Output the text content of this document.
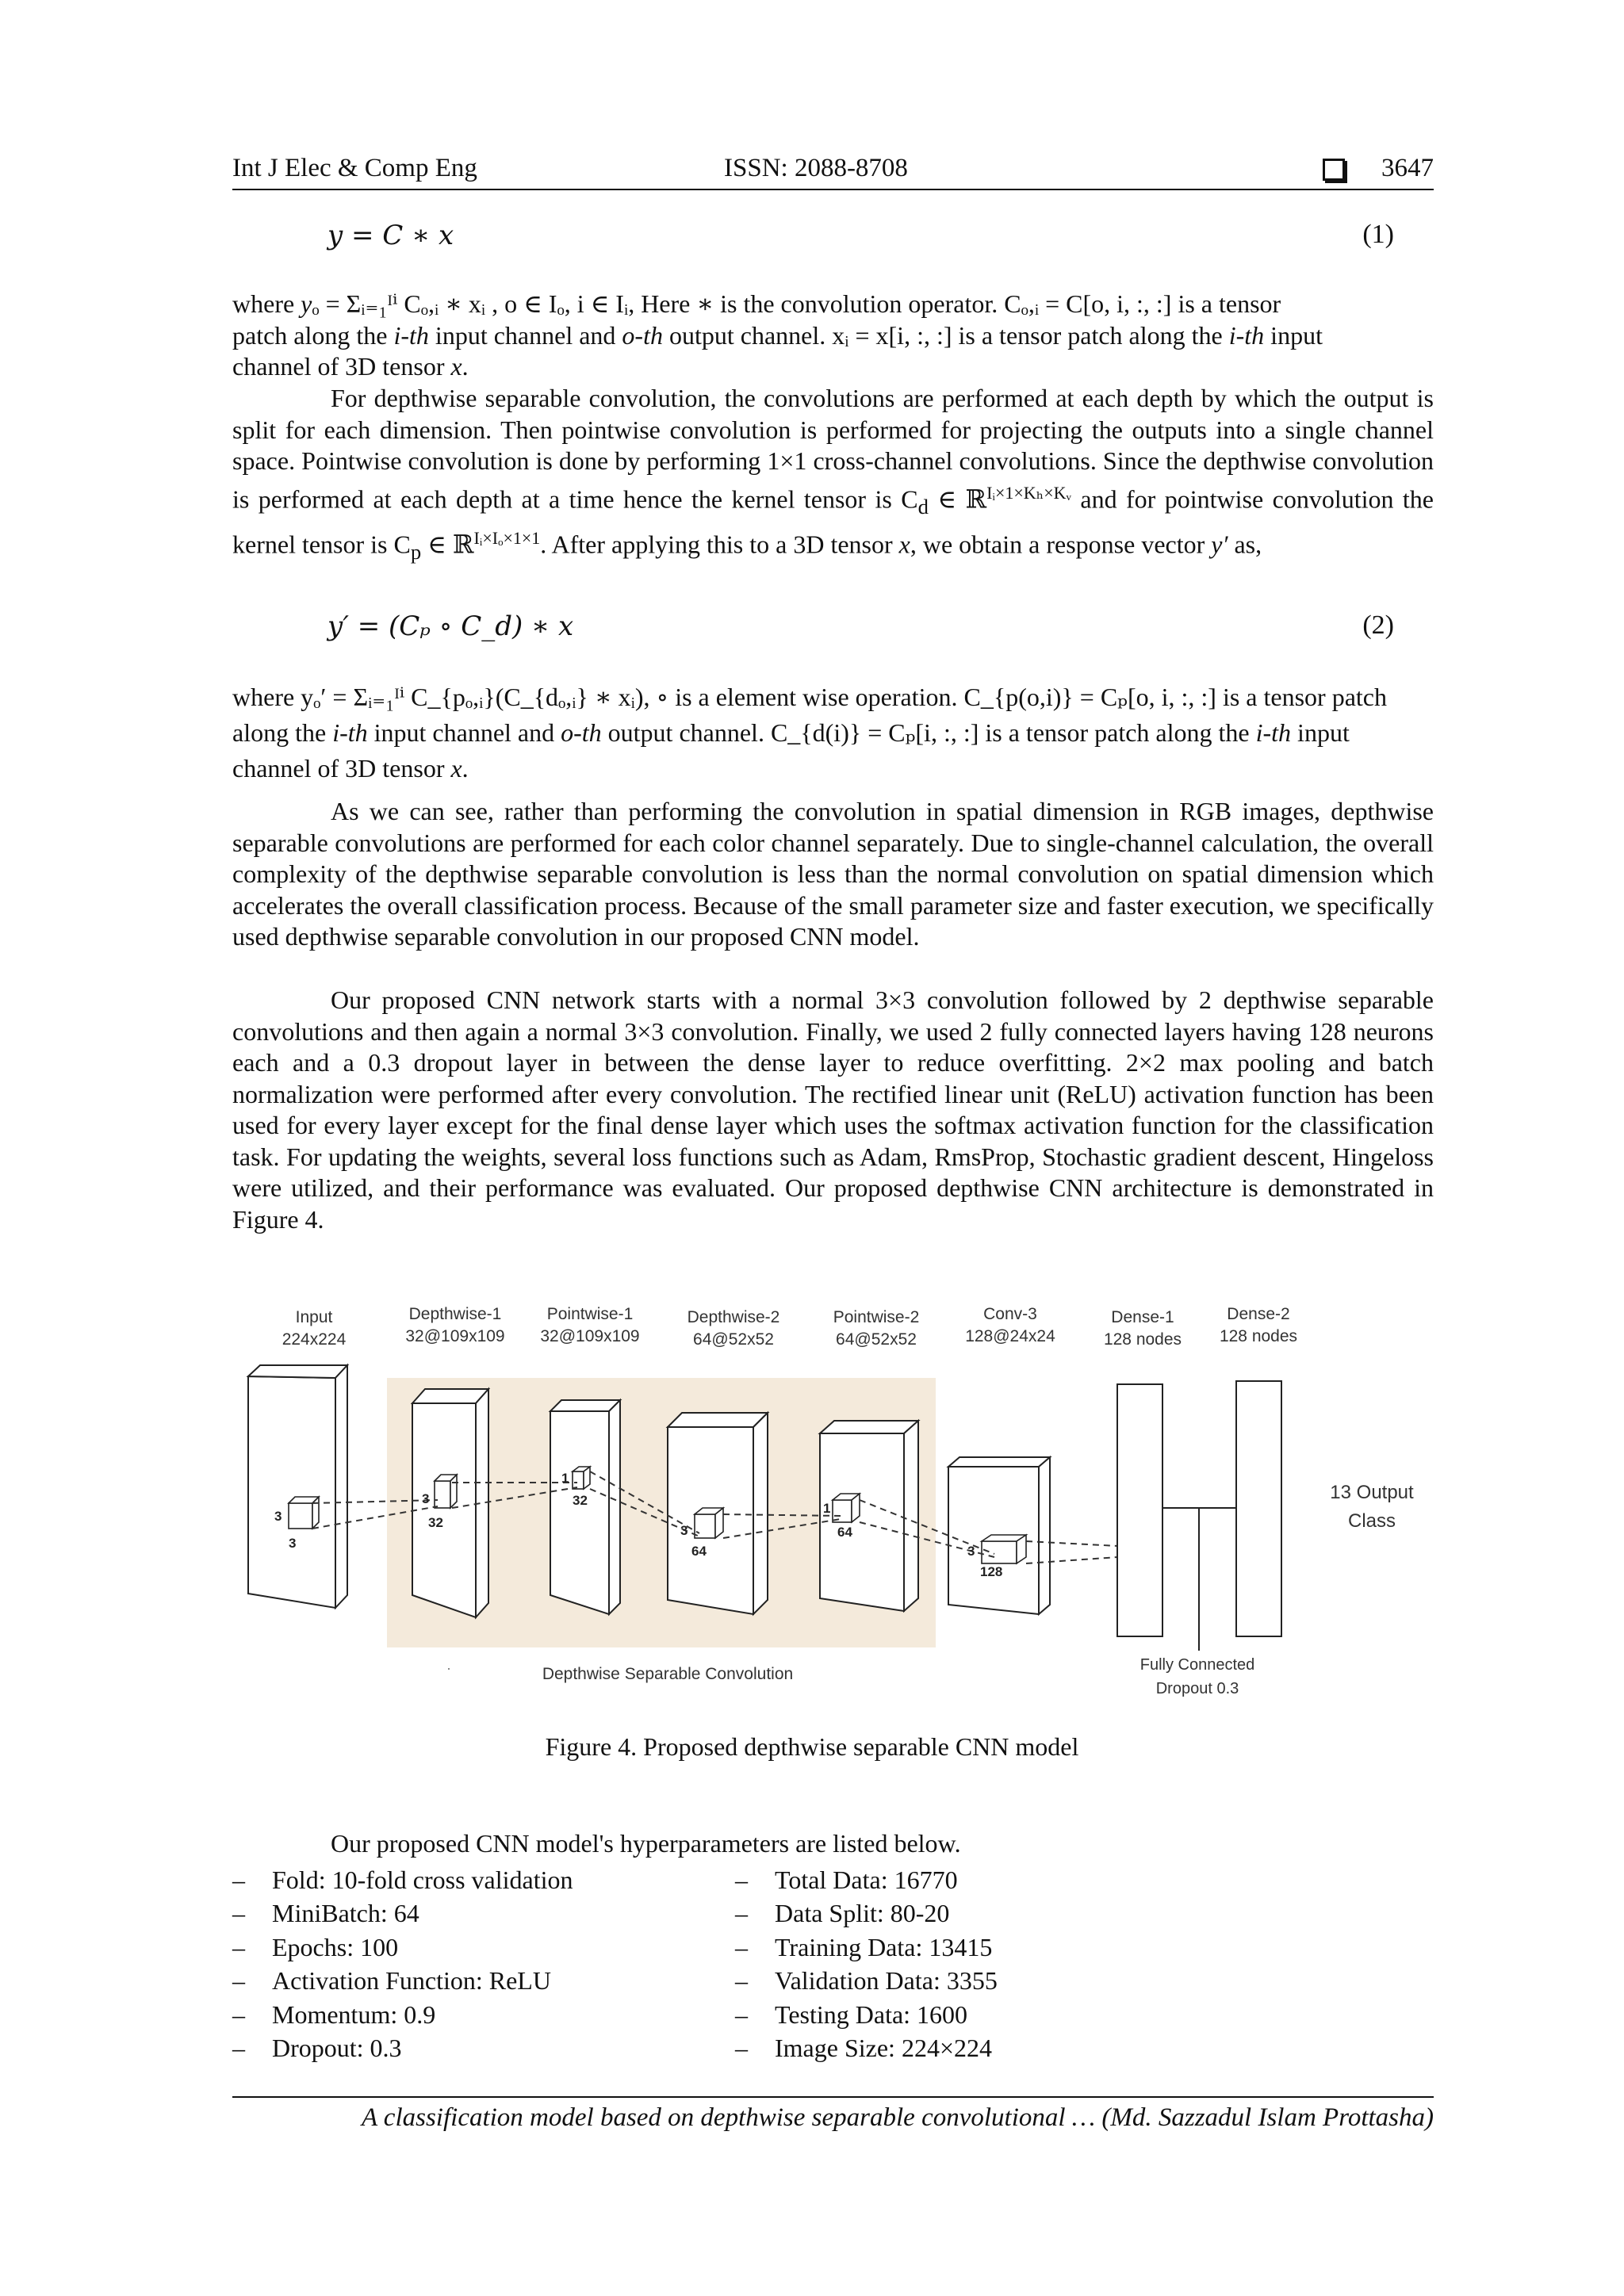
Int J Elec & Comp Eng	ISSN: 2088-8708	3647
y = C ∗ x	(1)

where yₒ = Σᵢ₌₁ᴵⁱ Cₒ,ᵢ ∗ xᵢ , o ∈ Iₒ, i ∈ Iᵢ, Here ∗ is the convolution operator. Cₒ,ᵢ = C[o, i, :, :] is a tensor

patch along the i-th input channel and o-th output channel. xᵢ = x[i, :, :] is a tensor patch along the i-th input

channel of 3D tensor x.

For depthwise separable convolution, the convolutions are performed at each depth by which the output is split for each dimension. Then pointwise convolution is performed for projecting the outputs into a single channel space. Pointwise convolution is done by performing 1×1 cross-channel convolutions. Since the depthwise convolution is performed at each depth at a time hence the kernel tensor is $C_d$ ∈ ℝ$^{Iᵢ\times 1\times K_h\times Kᵥ}$ and for pointwise convolution the kernel tensor is $C_p$ ∈ ℝ$^{Iᵢ\times I_o\times 1\times 1}$. After applying this to a 3D tensor x, we obtain a response vector y′ as,

y′ = (Cₚ ∘ C_d) ∗ x	(2)

where yₒ′ = Σᵢ₌₁ᴵⁱ C_{pₒ,ᵢ}(C_{dₒ,ᵢ} ∗ xᵢ), ∘ is a element wise operation. C_{p(o,i)} = Cₚ[o, i, :, :] is a tensor patch

along the i-th input channel and o-th output channel. C_{d(i)} = Cₚ[i, :, :] is a tensor patch along the i-th input

channel of 3D tensor x.

As we can see, rather than performing the convolution in spatial dimension in RGB images, depthwise separable convolutions are performed for each color channel separately. Due to single-channel calculation, the overall complexity of the depthwise separable convolution is less than the normal convolution on spatial dimension which accelerates the overall classification process. Because of the small parameter size and faster execution, we specifically used depthwise separable convolution in our proposed CNN model.
Our proposed CNN network starts with a normal 3×3 convolution followed by 2 depthwise separable convolutions and then again a normal 3×3 convolution. Finally, we used 2 fully connected layers having 128 neurons each and a 0.3 dropout layer in between the dense layer to reduce overfitting. 2×2 max pooling and batch normalization were performed after every convolution. The rectified linear unit (ReLU) activation function has been used for every layer except for the final dense layer which uses the softmax activation function for the classification task. For updating the weights, several loss functions such as Adam, RmsProp, Stochastic gradient descent, Hingeloss were utilized, and their performance was evaluated. Our proposed depthwise CNN architecture is demonstrated in Figure 4.
Input
224x224
Depthwise-1
32@109x109
Pointwise-1
32@109x109
Depthwise-2
64@52x52
Pointwise-2
64@52x52
Conv-3
128@24x24
Dense-1
128 nodes
Dense-2
128 nodes
3
3
3
32
1
32
3
64
1
64
3
128
13 Output
Class
Depthwise Separable Convolution	Fully Connected
Dropout 0.3
·
Figure 4. Proposed depthwise separable CNN model
Our proposed CNN model's hyperparameters are listed below.
– Fold: 10-fold cross validation
– MiniBatch: 64
– Epochs: 100
– Activation Function: ReLU
– Momentum: 0.9
– Dropout: 0.3
– Total Data: 16770
– Data Split: 80-20
– Training Data: 13415
– Validation Data: 3355
– Testing Data: 1600
– Image Size: 224×224
A classification model based on depthwise separable convolutional … (Md. Sazzadul Islam Prottasha)
